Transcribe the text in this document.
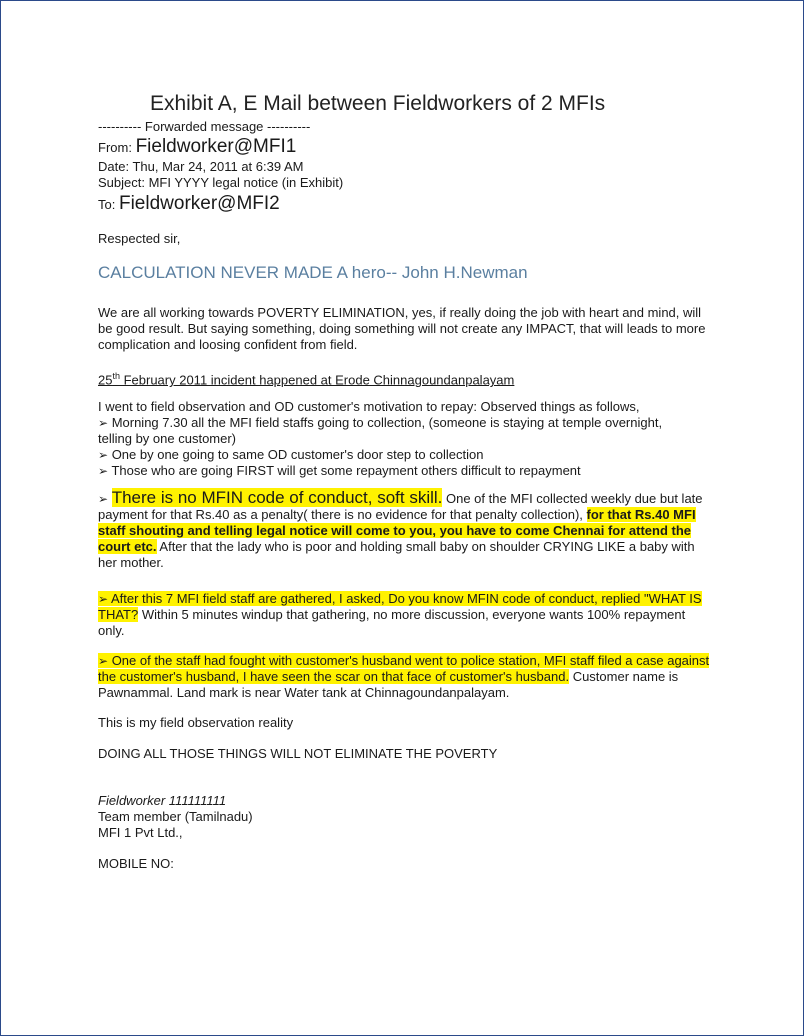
Exhibit A, E Mail between Fieldworkers of 2 MFIs
---------- Forwarded message ----------
From: Fieldworker@MFI1
Date: Thu, Mar 24, 2011 at 6:39 AM
Subject: MFI YYYY legal notice (in Exhibit)
To: Fieldworker@MFI2
Respected sir,
CALCULATION NEVER MADE A hero-- John H.Newman
We are all working towards POVERTY ELIMINATION, yes, if really doing the job with heart and mind, will be good result. But saying something, doing something will not create any IMPACT, that will leads to more complication and loosing confident from field.
25th February 2011 incident happened at Erode Chinnagoundanpalayam
I went to field observation and OD customer's motivation to repay: Observed things as follows,
➢ Morning 7.30 all the MFI field staffs going to collection, (someone is staying at temple overnight,
telling by one customer)
➢ One by one going to same OD customer's door step to collection
➢ Those who are going FIRST will get some repayment others difficult to repayment
➢ There is no MFIN code of conduct, soft skill. One of the MFI collected weekly due but late payment for that Rs.40 as a penalty( there is no evidence for that penalty collection), for that Rs.40 MFI staff shouting and telling legal notice will come to you, you have to come Chennai for attend the court etc. After that the lady who is poor and holding small baby on shoulder CRYING LIKE a baby with her mother.
➢ After this 7 MFI field staff are gathered, I asked, Do you know MFIN code of conduct, replied "WHAT IS THAT? Within 5 minutes windup that gathering, no more discussion, everyone wants 100% repayment only.
➢ One of the staff had fought with customer's husband went to police station, MFI staff filed a case against the customer's husband, I have seen the scar on that face of customer's husband. Customer name is Pawnammal. Land mark is near Water tank at Chinnagoundanpalayam.
This is my field observation reality
DOING ALL THOSE THINGS WILL NOT ELIMINATE THE POVERTY
Fieldworker 111111111
Team member (Tamilnadu)
MFI 1 Pvt Ltd.,
MOBILE NO:
